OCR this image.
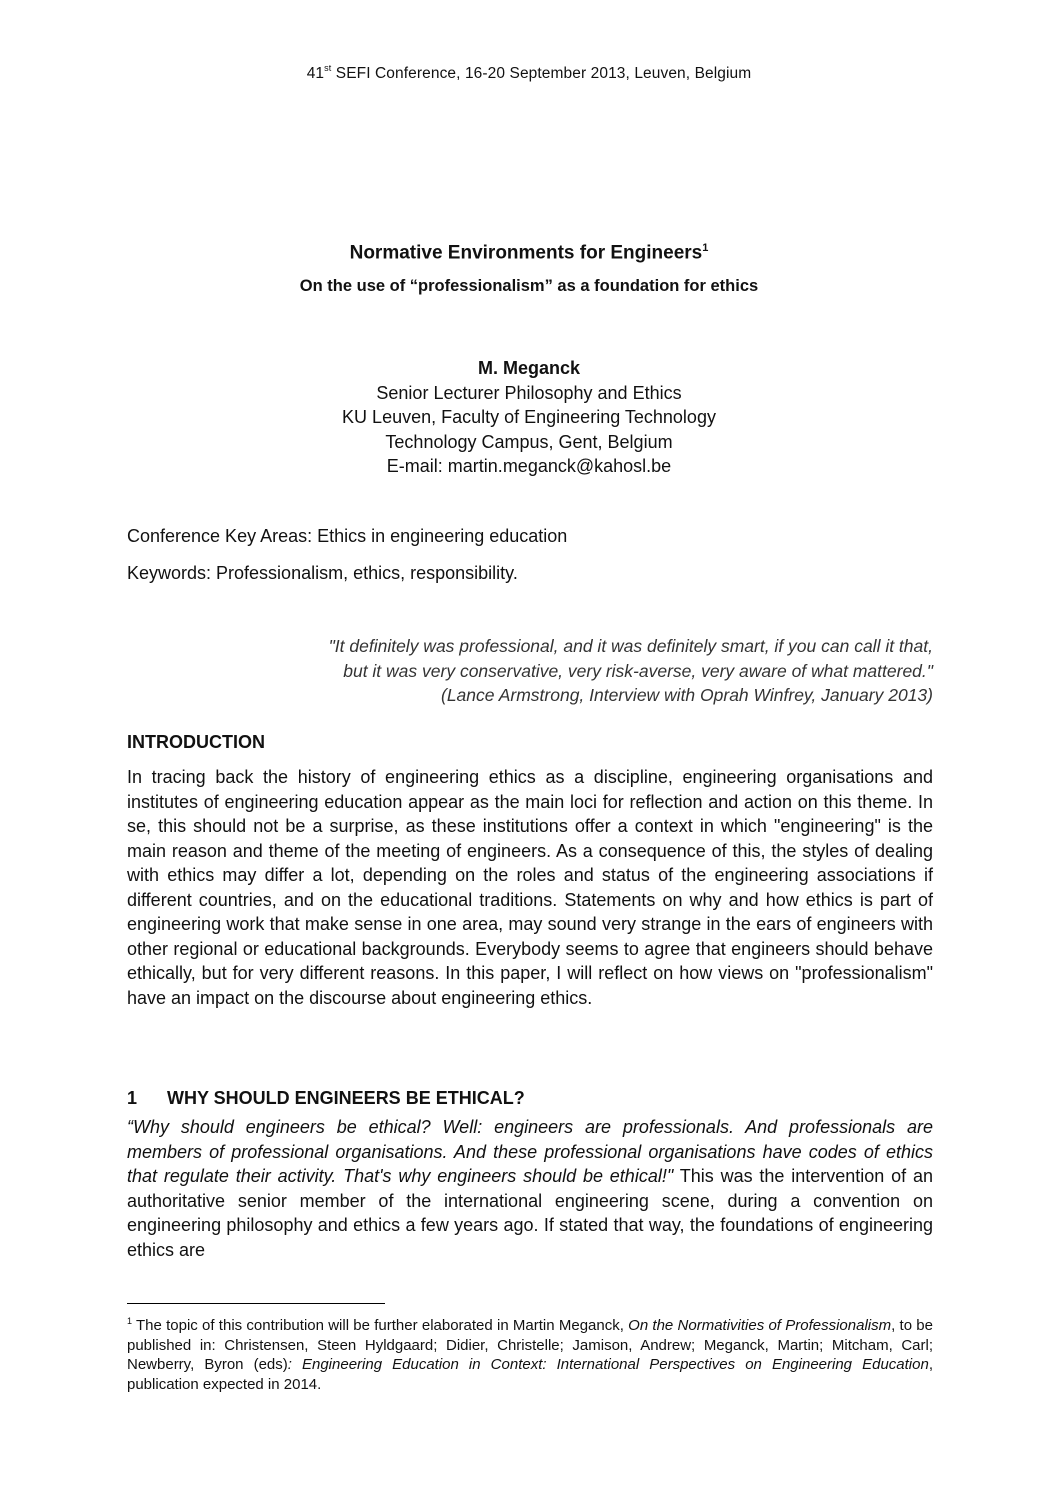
41st SEFI Conference, 16-20 September 2013, Leuven, Belgium
Normative Environments for Engineers$^1$
On the use of “professionalism” as a foundation for ethics
M. Meganck
Senior Lecturer Philosophy and Ethics
KU Leuven, Faculty of Engineering Technology
Technology Campus, Gent, Belgium
E-mail: martin.meganck@kahosl.be
Conference Key Areas: Ethics in engineering education
Keywords: Professionalism, ethics, responsibility.
"It definitely was professional, and it was definitely smart, if you can call it that,
but it was very conservative, very risk-averse, very aware of what mattered."
(Lance Armstrong, Interview with Oprah Winfrey, January 2013)
INTRODUCTION
In tracing back the history of engineering ethics as a discipline, engineering organisations and institutes of engineering education appear as the main loci for reflection and action on this theme. In se, this should not be a surprise, as these institutions offer a context in which "engineering" is the main reason and theme of the meeting of engineers. As a consequence of this, the styles of dealing with ethics may differ a lot, depending on the roles and status of the engineering associations if different countries, and on the educational traditions. Statements on why and how ethics is part of engineering work that make sense in one area, may sound very strange in the ears of engineers with other regional or educational backgrounds. Everybody seems to agree that engineers should behave ethically, but for very different reasons. In this paper, I will reflect on how views on "professionalism" have an impact on the discourse about engineering ethics.
1 WHY SHOULD ENGINEERS BE ETHICAL?
“Why should engineers be ethical? Well: engineers are professionals. And professionals are members of professional organisations. And these professional organisations have codes of ethics that regulate their activity. That's why engineers should be ethical!" This was the intervention of an authoritative senior member of the international engineering scene, during a convention on engineering philosophy and ethics a few years ago. If stated that way, the foundations of engineering ethics are
$^1$ The topic of this contribution will be further elaborated in Martin Meganck, On the Normativities of Professionalism, to be published in: Christensen, Steen Hyldgaard; Didier, Christelle; Jamison, Andrew; Meganck, Martin; Mitcham, Carl; Newberry, Byron (eds): Engineering Education in Context: International Perspectives on Engineering Education, publication expected in 2014.
